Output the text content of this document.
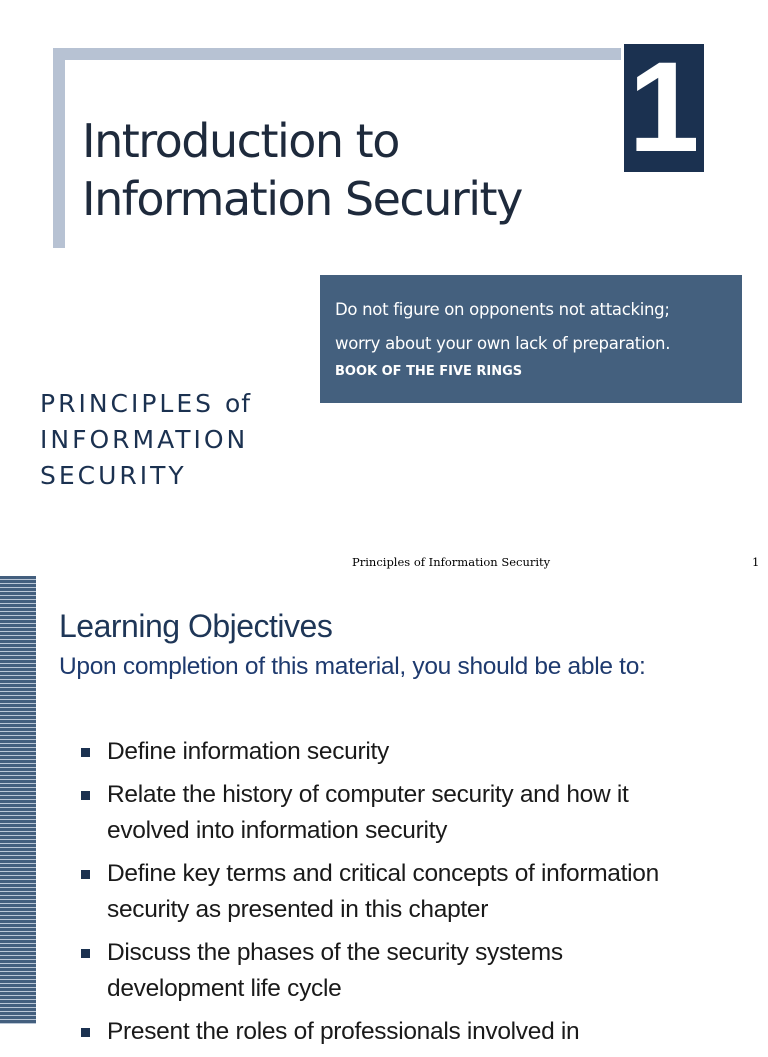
1
Introduction to
Information Security
Do not figure on opponents not attacking;
worry about your own lack of preparation.
BOOK OF THE FIVE RINGS
PRINCIPLES of
INFORMATION
SECURITY
Principles of Information Security	1
Learning Objectives
Upon completion of this material, you should be able to:
Define information security
Relate the history of computer security and how it
evolved into information security
Define key terms and critical concepts of information
security as presented in this chapter
Discuss the phases of the security systems
development life cycle
Present the roles of professionals involved in
